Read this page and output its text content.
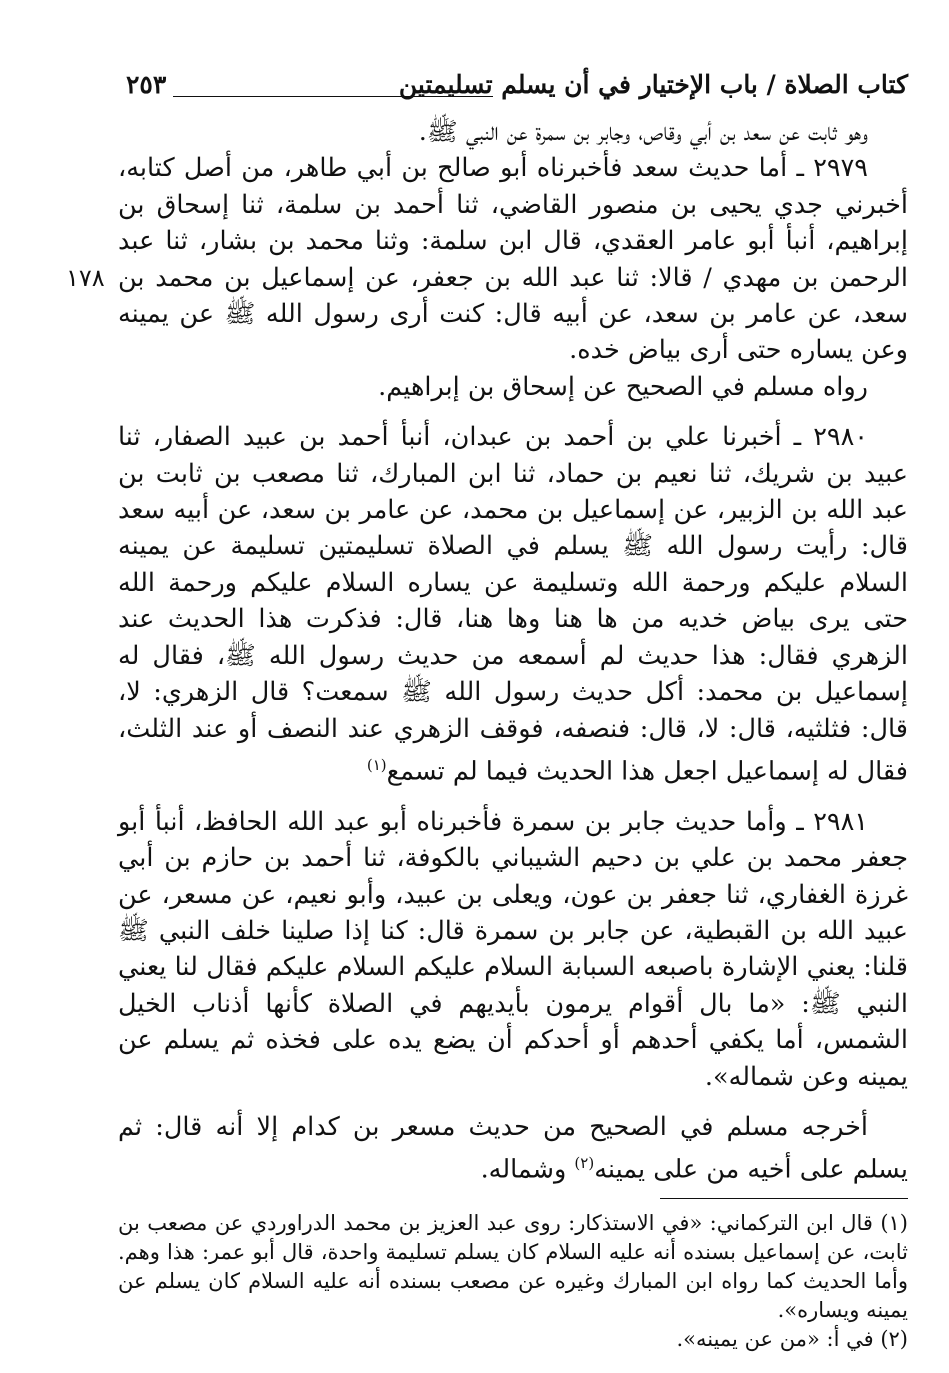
كتاب الصلاة / باب الإختيار في أن يسلم تسليمتين
٢٥٣

وهو ثابت عن سعد بن أبي وقاص، وجابر بن سمرة عن النبي ﷺ.

٢٩٧٩ ـ أما حديث سعد فأخبرناه أبو صالح بن أبي طاهر، من أصل كتابه، أخبرني جدي يحيى بن منصور القاضي، ثنا أحمد بن سلمة، ثنا إسحاق بن إبراهيم، أنبأ أبو عامر العقدي، قال ابن سلمة: وثنا محمد بن بشار، ثنا عبد الرحمن بن مهدي / قالا: ثنا عبد الله بن جعفر، عن إسماعيل بن محمد بن سعد، عن عامر بن سعد، عن أبيه قال: كنت أرى رسول الله ﷺ عن يمينه وعن يساره حتى أرى بياض خده.

رواه مسلم في الصحيح عن إسحاق بن إبراهيم.

٢٩٨٠ ـ أخبرنا علي بن أحمد بن عبدان، أنبأ أحمد بن عبيد الصفار، ثنا عبيد بن شريك، ثنا نعيم بن حماد، ثنا ابن المبارك، ثنا مصعب بن ثابت بن عبد الله بن الزبير، عن إسماعيل بن محمد، عن عامر بن سعد، عن أبيه سعد قال: رأيت رسول الله ﷺ يسلم في الصلاة تسليمتين تسليمة عن يمينه السلام عليكم ورحمة الله وتسليمة عن يساره السلام عليكم ورحمة الله حتى يرى بياض خديه من ها هنا وها هنا، قال: فذكرت هذا الحديث عند الزهري فقال: هذا حديث لم أسمعه من حديث رسول الله ﷺ، فقال له إسماعيل بن محمد: أكل حديث رسول الله ﷺ سمعت؟ قال الزهري: لا، قال: فثلثيه، قال: لا، قال: فنصفه، فوقف الزهري عند النصف أو عند الثلث، فقال له إسماعيل اجعل هذا الحديث فيما لم تسمع$^{(١)}$

٢٩٨١ ـ وأما حديث جابر بن سمرة فأخبرناه أبو عبد الله الحافظ، أنبأ أبو جعفر محمد بن علي بن دحيم الشيباني بالكوفة، ثنا أحمد بن حازم بن أبي غرزة الغفاري، ثنا جعفر بن عون، ويعلى بن عبيد، وأبو نعيم، عن مسعر، عن عبيد الله بن القبطية، عن جابر بن سمرة قال: كنا إذا صلينا خلف النبي ﷺ قلنا: يعني الإشارة باصبعه السبابة السلام عليكم السلام عليكم فقال لنا يعني النبي ﷺ: «ما بال أقوام يرمون بأيديهم في الصلاة كأنها أذناب الخيل الشمس، أما يكفي أحدهم أو أحدكم أن يضع يده على فخذه ثم يسلم عن يمينه وعن شماله».

أخرجه مسلم في الصحيح من حديث مسعر بن كدام إلا أنه قال: ثم يسلم على أخيه من على يمينه$^{(٢)}$ وشماله.

١٧٨

(١) قال ابن التركماني: «في الاستذكار: روى عبد العزيز بن محمد الدراوردي عن مصعب بن ثابت، عن إسماعيل بسنده أنه عليه السلام كان يسلم تسليمة واحدة، قال أبو عمر: هذا وهم. وأما الحديث كما رواه ابن المبارك وغيره عن مصعب بسنده أنه عليه السلام كان يسلم عن يمينه ويساره».

(٢) في أ: «من عن يمينه».
